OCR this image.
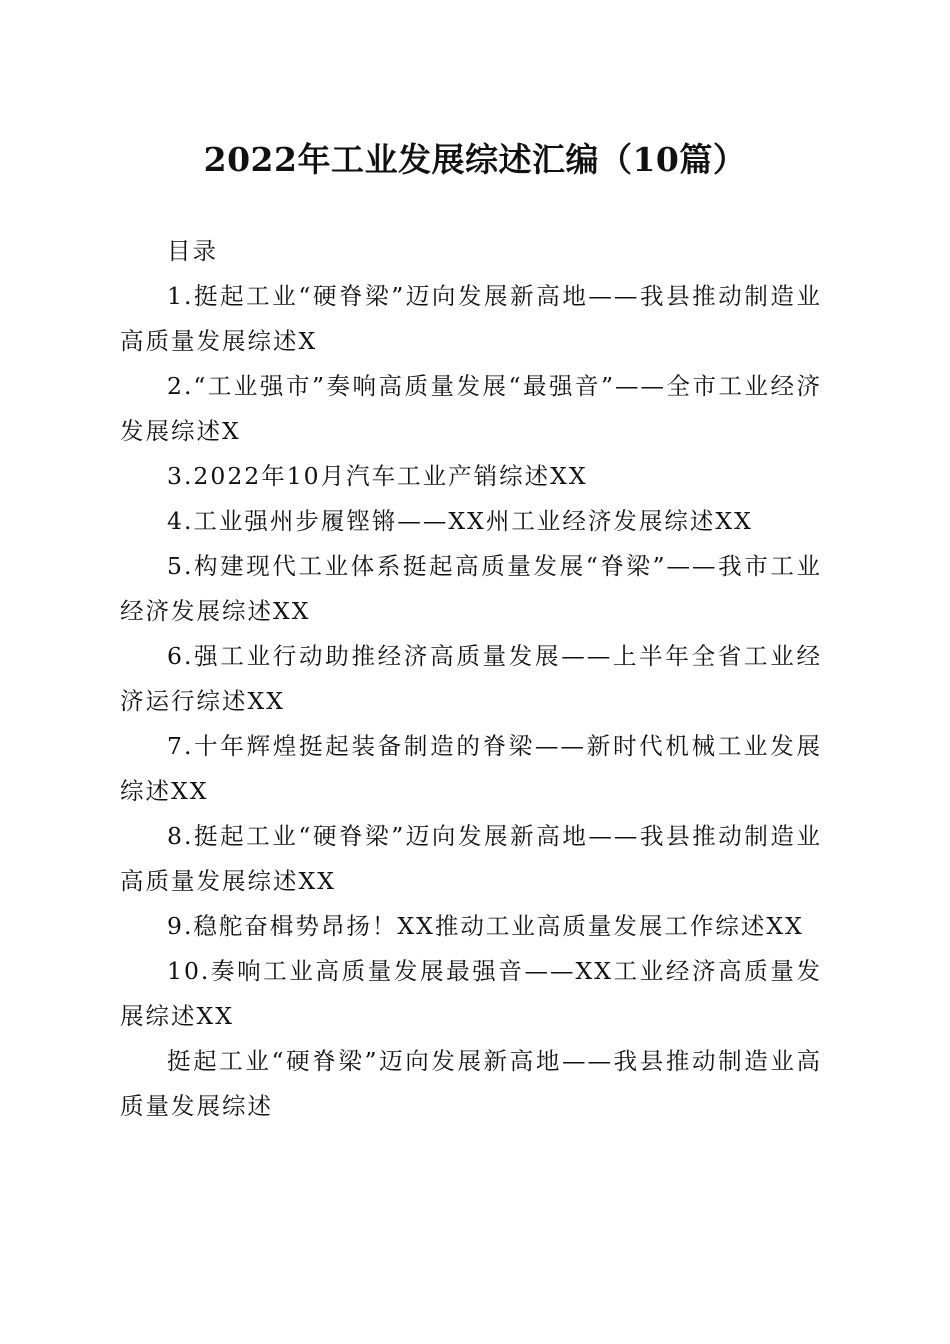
2022年工业发展综述汇编（10篇）

目录

1.挺起工业“硬脊梁”迈向发展新高地——我县推动制造业高质量发展综述X

2.“工业强市”奏响高质量发展“最强音”——全市工业经济发展综述X

3.2022年10月汽车工业产销综述XX

4.工业强州步履铿锵——XX州工业经济发展综述XX

5.构建现代工业体系挺起高质量发展“脊梁”——我市工业经济发展综述XX

6.强工业行动助推经济高质量发展——上半年全省工业经济运行综述XX

7.十年辉煌挺起装备制造的脊梁——新时代机械工业发展综述XX

8.挺起工业“硬脊梁”迈向发展新高地——我县推动制造业高质量发展综述XX

9.稳舵奋楫势昂扬！XX推动工业高质量发展工作综述XX

10.奏响工业高质量发展最强音——XX工业经济高质量发展综述XX

挺起工业“硬脊梁”迈向发展新高地——我县推动制造业高质量发展综述
